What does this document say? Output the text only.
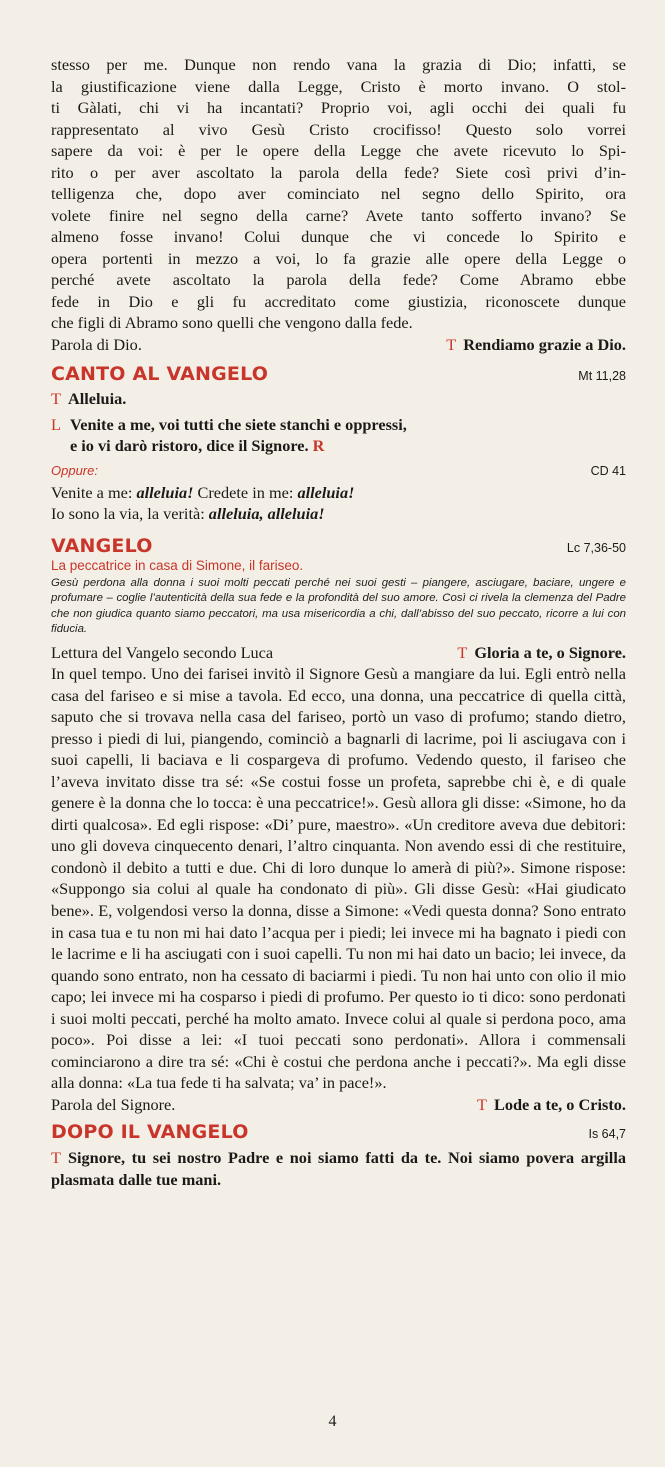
stesso per me. Dunque non rendo vana la grazia di Dio; infatti, se
la giustificazione viene dalla Legge, Cristo è morto invano. O stol-
ti Gàlati, chi vi ha incantati? Proprio voi, agli occhi dei quali fu
rappresentato al vivo Gesù Cristo crocifisso! Questo solo vorrei
sapere da voi: è per le opere della Legge che avete ricevuto lo Spi-
rito o per aver ascoltato la parola della fede? Siete così privi d’in-
telligenza che, dopo aver cominciato nel segno dello Spirito, ora
volete finire nel segno della carne? Avete tanto sofferto invano? Se
almeno fosse invano! Colui dunque che vi concede lo Spirito e
opera portenti in mezzo a voi, lo fa grazie alle opere della Legge o
perché avete ascoltato la parola della fede? Come Abramo ebbe
fede in Dio e gli fu accreditato come giustizia, riconoscete dunque
che figli di Abramo sono quelli che vengono dalla fede.
Parola di Dio.	T Rendiamo grazie a Dio.
CANTO AL VANGELO	Mt 11,28
T Alleluia.
L Venite a me, voi tutti che siete stanchi e oppressi,
e io vi darò ristoro, dice il Signore. R
Oppure:	CD 41
Venite a me: alleluia! Credete in me: alleluia!
Io sono la via, la verità: alleluia, alleluia!
VANGELO	Lc 7,36-50
La peccatrice in casa di Simone, il fariseo.

Gesù perdona alla donna i suoi molti peccati perché nei suoi gesti – piangere, asciugare, baciare, ungere e profumare – coglie l’autenticità della sua fede e la profondità del suo amore. Così ci rivela la clemenza del Padre che non giudica quanto siamo peccatori, ma usa misericordia a chi, dall’abisso del suo peccato, ricorre a lui con fiducia.

Lettura del Vangelo secondo Luca	T Gloria a te, o Signore.

In quel tempo. Uno dei farisei invitò il Signore Gesù a mangiare da lui. Egli entrò nella casa del fariseo e si mise a tavola. Ed ecco, una donna, una peccatrice di quella città, saputo che si trovava nella casa del fariseo, portò un vaso di profumo; stando dietro, presso i piedi di lui, piangendo, cominciò a bagnarli di lacrime, poi li asciugava con i suoi capelli, li baciava e li cospargeva di profumo. Vedendo questo, il fariseo che l’aveva invitato disse tra sé: «Se costui fosse un profeta, saprebbe chi è, e di quale genere è la donna che lo tocca: è una peccatrice!». Gesù allora gli disse: «Simone, ho da dirti qualcosa». Ed egli rispose: «Di’ pure, maestro». «Un creditore aveva due debitori: uno gli doveva cinquecento denari, l’altro cinquanta. Non avendo essi di che restituire, condonò il debito a tutti e due. Chi di loro dunque lo amerà di più?». Simone rispose: «Suppongo sia colui al quale ha condonato di più». Gli disse Gesù: «Hai giudicato bene». E, volgendosi verso la donna, disse a Simone: «Vedi questa donna? Sono entrato in casa tua e tu non mi hai dato l’acqua per i piedi; lei invece mi ha bagnato i piedi con le lacrime e li ha asciugati con i suoi capelli. Tu non mi hai dato un bacio; lei invece, da quando sono entrato, non ha cessato di baciarmi i piedi. Tu non hai unto con olio il mio capo; lei invece mi ha cosparso i piedi di profumo. Per questo io ti dico: sono perdonati i suoi molti peccati, perché ha molto amato. Invece colui al quale si perdona poco, ama poco». Poi disse a lei: «I tuoi peccati sono perdonati». Allora i commensali cominciarono a dire tra sé: «Chi è costui che perdona anche i peccati?». Ma egli disse alla donna: «La tua fede ti ha salvata; va’ in pace!».

Parola del Signore.	T Lode a te, o Cristo.
DOPO IL VANGELO	Is 64,7

T Signore, tu sei nostro Padre e noi siamo fatti da te. Noi siamo povera argilla plasmata dalle tue mani.

4
